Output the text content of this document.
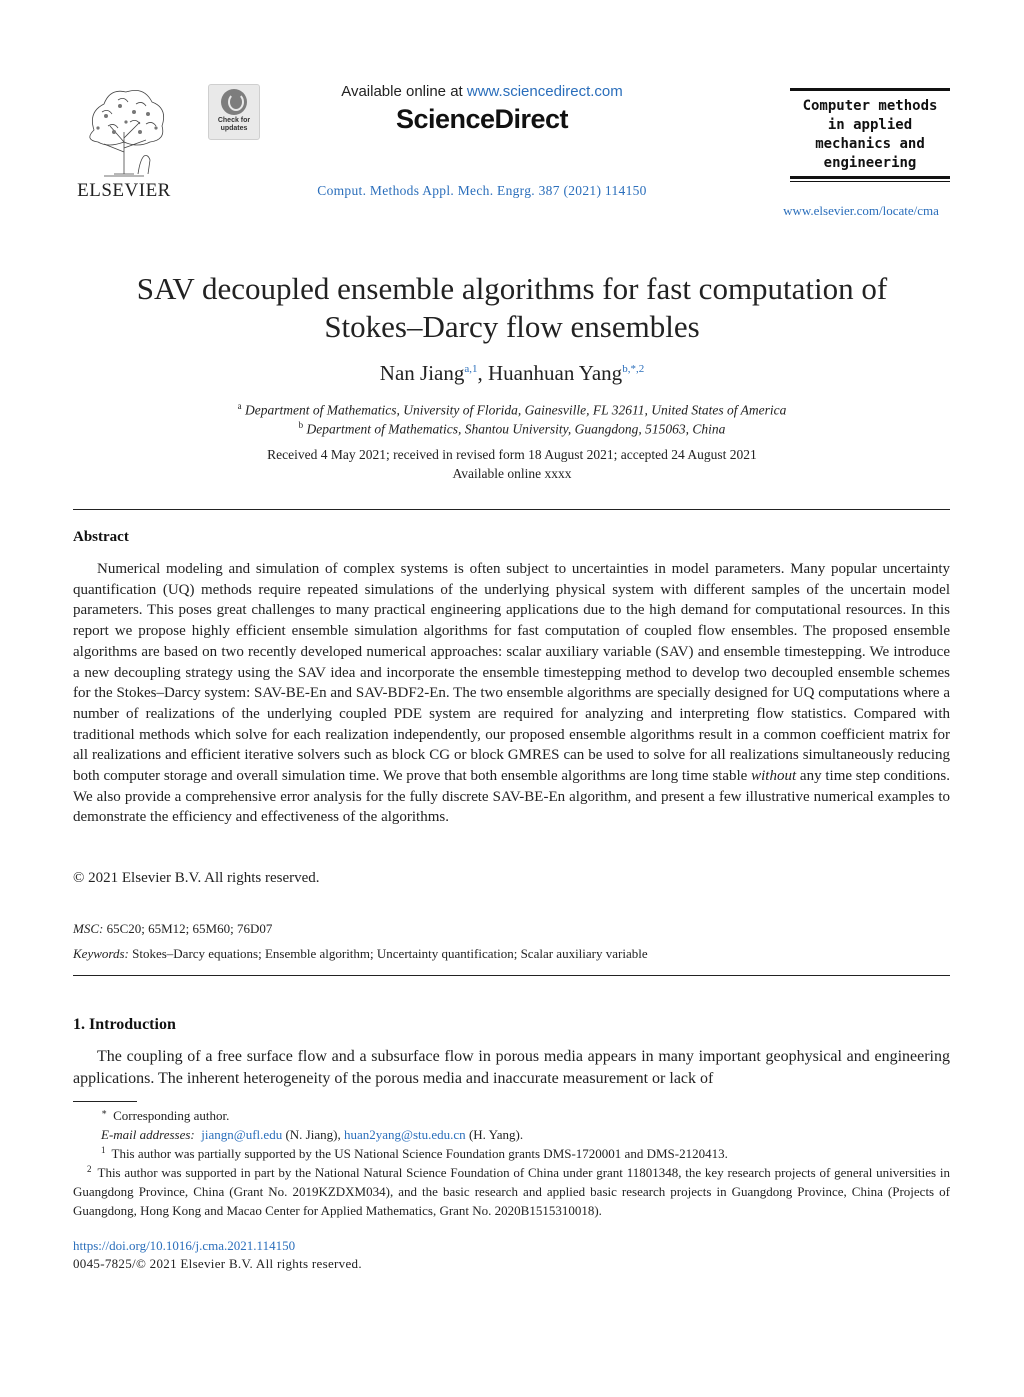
ELSEVIER
Check for updates
Available online at www.sciencedirect.com
ScienceDirect
Comput. Methods Appl. Mech. Engrg. 387 (2021) 114150
Computer methods
in applied
mechanics and
engineering
www.elsevier.com/locate/cma
SAV decoupled ensemble algorithms for fast computation of
Stokes–Darcy flow ensembles
Nan Jiang$^{a,1}$, Huanhuan Yang$^{b,*,2}$
$^a$ Department of Mathematics, University of Florida, Gainesville, FL 32611, United States of America
$^b$ Department of Mathematics, Shantou University, Guangdong, 515063, China
Received 4 May 2021; received in revised form 18 August 2021; accepted 24 August 2021
Available online xxxx
Abstract
Numerical modeling and simulation of complex systems is often subject to uncertainties in model parameters. Many popular uncertainty quantification (UQ) methods require repeated simulations of the underlying physical system with different samples of the uncertain model parameters. This poses great challenges to many practical engineering applications due to the high demand for computational resources. In this report we propose highly efficient ensemble simulation algorithms for fast computation of coupled flow ensembles. The proposed ensemble algorithms are based on two recently developed numerical approaches: scalar auxiliary variable (SAV) and ensemble timestepping. We introduce a new decoupling strategy using the SAV idea and incorporate the ensemble timestepping method to develop two decoupled ensemble schemes for the Stokes–Darcy system: SAV-BE-En and SAV-BDF2-En. The two ensemble algorithms are specially designed for UQ computations where a number of realizations of the underlying coupled PDE system are required for analyzing and interpreting flow statistics. Compared with traditional methods which solve for each realization independently, our proposed ensemble algorithms result in a common coefficient matrix for all realizations and efficient iterative solvers such as block CG or block GMRES can be used to solve for all realizations simultaneously reducing both computer storage and overall simulation time. We prove that both ensemble algorithms are long time stable without any time step conditions. We also provide a comprehensive error analysis for the fully discrete SAV-BE-En algorithm, and present a few illustrative numerical examples to demonstrate the efficiency and effectiveness of the algorithms.
© 2021 Elsevier B.V. All rights reserved.
MSC: 65C20; 65M12; 65M60; 76D07
Keywords: Stokes–Darcy equations; Ensemble algorithm; Uncertainty quantification; Scalar auxiliary variable
1. Introduction
The coupling of a free surface flow and a subsurface flow in porous media appears in many important geophysical and engineering applications. The inherent heterogeneity of the porous media and inaccurate measurement or lack of
∗ Corresponding author.
E-mail addresses: jiangn@ufl.edu (N. Jiang), huan2yang@stu.edu.cn (H. Yang).
$^1$ This author was partially supported by the US National Science Foundation grants DMS-1720001 and DMS-2120413.
$^2$ This author was supported in part by the National Natural Science Foundation of China under grant 11801348, the key research projects of general universities in Guangdong Province, China (Grant No. 2019KZDXM034), and the basic research and applied basic research projects in Guangdong Province, China (Projects of Guangdong, Hong Kong and Macao Center for Applied Mathematics, Grant No. 2020B1515310018).
https://doi.org/10.1016/j.cma.2021.114150
0045-7825/© 2021 Elsevier B.V. All rights reserved.
